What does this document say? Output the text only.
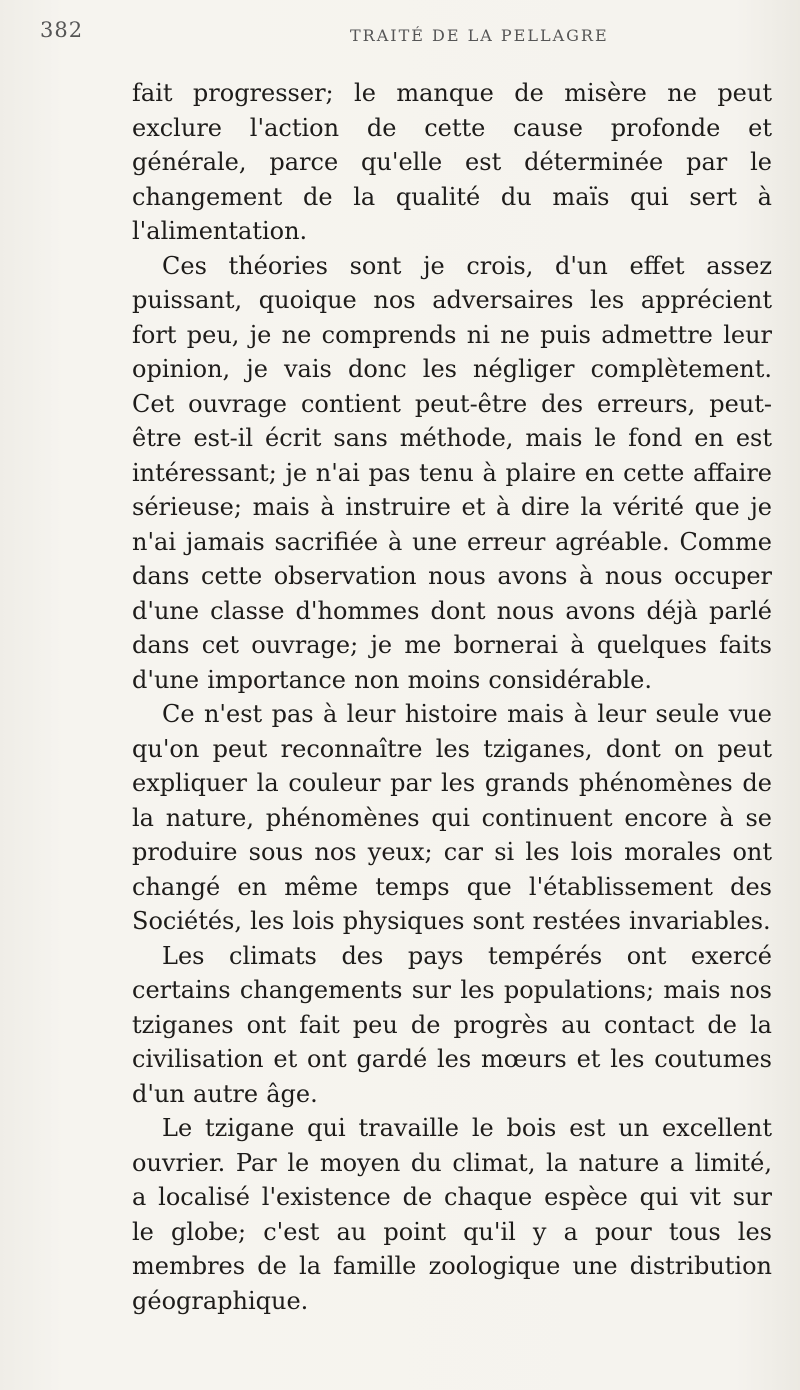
382	TRAITÉ DE LA PELLAGRE

fait progresser; le manque de misère ne peut exclure l'action de cette cause profonde et générale, parce qu'elle est déterminée par le changement de la qualité du maïs qui sert à l'alimentation.

Ces théories sont je crois, d'un effet assez puissant, quoique nos adversaires les apprécient fort peu, je ne comprends ni ne puis admettre leur opinion, je vais donc les négliger complètement. Cet ouvrage contient peut-être des erreurs, peut-être est-il écrit sans méthode, mais le fond en est intéressant; je n'ai pas tenu à plaire en cette affaire sérieuse; mais à instruire et à dire la vérité que je n'ai jamais sacrifiée à une erreur agréable. Comme dans cette observation nous avons à nous occuper d'une classe d'hommes dont nous avons déjà parlé dans cet ouvrage; je me bornerai à quelques faits d'une importance non moins considérable.

Ce n'est pas à leur histoire mais à leur seule vue qu'on peut reconnaître les tziganes, dont on peut expliquer la couleur par les grands phénomènes de la nature, phénomènes qui continuent encore à se produire sous nos yeux; car si les lois morales ont changé en même temps que l'établissement des Sociétés, les lois physiques sont restées invariables.

Les climats des pays tempérés ont exercé certains changements sur les populations; mais nos tziganes ont fait peu de progrès au contact de la civilisation et ont gardé les mœurs et les coutumes d'un autre âge.

Le tzigane qui travaille le bois est un excellent ouvrier. Par le moyen du climat, la nature a limité, a localisé l'existence de chaque espèce qui vit sur le globe; c'est au point qu'il y a pour tous les membres de la famille zoologique une distribution géographique.
